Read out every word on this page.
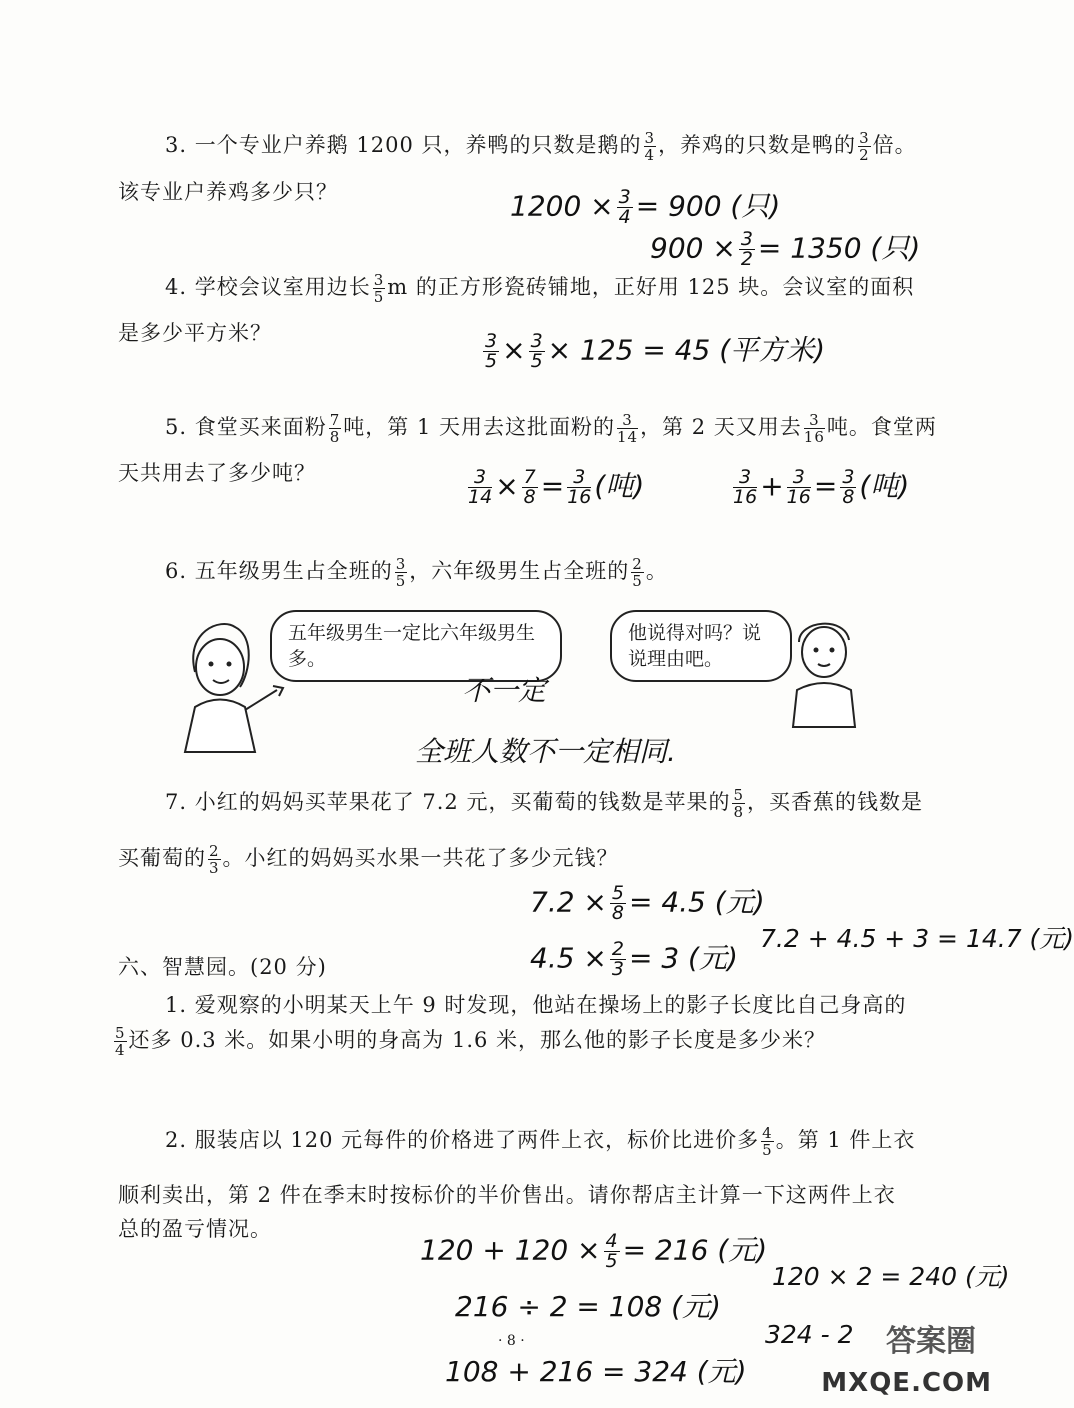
3. 一个专业户养鹅 1200 只，养鸭的只数是鹅的 $\frac{3}{4}$ ，养鸡的只数是鸭的 $\frac{3}{2}$ 倍。
该专业户养鸡多少只？	$1200 \times \frac{3}{4} = 900$ (只)
$900 \times \frac{3}{2} = 1350$ (只)
4. 学校会议室用边长 $\frac{3}{5}$ m 的正方形瓷砖铺地，正好用 125 块。会议室的面积
是多少平方米？	$\frac{3}{5} \times \frac{3}{5} \times 125 = 45$ (平方米)
5. 食堂买来面粉 $\frac{7}{8}$ 吨，第 1 天用去这批面粉的 $\frac{3}{14}$ ，第 2 天又用去 $\frac{3}{16}$ 吨。食堂两
天共用去了多少吨？	$\frac{3}{14} \times \frac{7}{8} = \frac{3}{16}$ (吨)	$\frac{3}{16} + \frac{3}{16} = \frac{3}{8}$ (吨)
6. 五年级男生占全班的 $\frac{3}{5}$ ，六年级男生占全班的 $\frac{2}{5}$ 。
五年级男生一定比六年级男生多。
他说得对吗？说说理由吧。
不一定
全班人数不一定相同.
7. 小红的妈妈买苹果花了 7.2 元，买葡萄的钱数是苹果的 $\frac{5}{8}$ ，买香蕉的钱数是
买葡萄的 $\frac{2}{3}$ 。小红的妈妈买水果一共花了多少元钱？
$7.2 \times \frac{5}{8} = 4.5$ (元)
$4.5 \times \frac{2}{3} = 3$ (元)
7.2 + 4.5 + 3 = 14.7 (元)
六、智慧园。(20 分)
1. 爱观察的小明某天上午 9 时发现，他站在操场上的影子长度比自己身高的
$\frac{5}{4}$ 还多 0.3 米。如果小明的身高为 1.6 米，那么他的影子长度是多少米？
2. 服装店以 120 元每件的价格进了两件上衣，标价比进价多 $\frac{4}{5}$ 。第 1 件上衣
顺利卖出，第 2 件在季末时按标价的半价售出。请你帮店主计算一下这两件上衣
总的盈亏情况。
$120 + 120 \times \frac{4}{5} = 216$ (元)
216 ÷ 2 = 108 (元)
108 + 216 = 324 (元)
120 × 2 = 240 (元)
324 - 2
· 8 ·	答案圈
MXQE.COM
